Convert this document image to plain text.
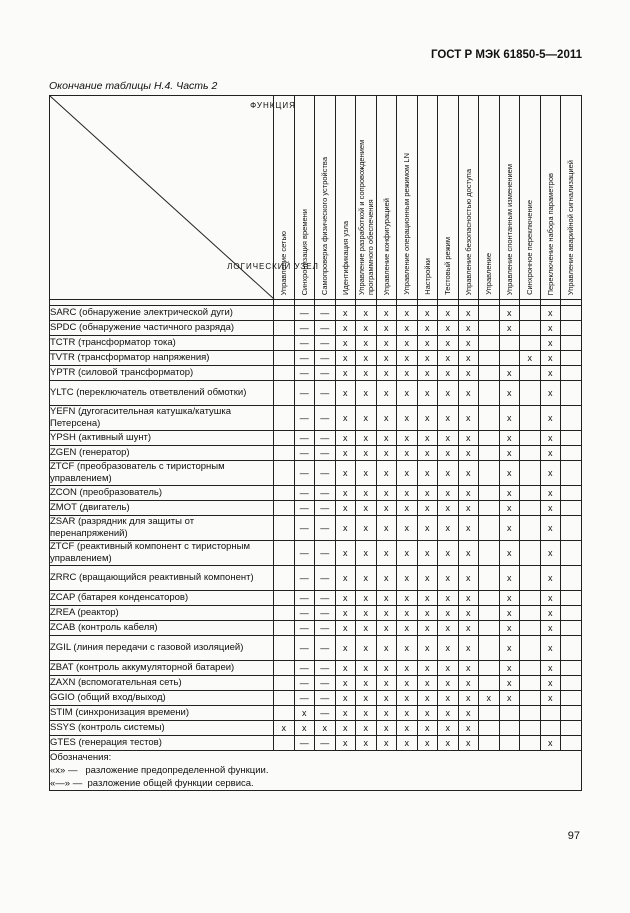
ГОСТ Р МЭК 61850-5—2011
Окончание таблицы Н.4. Часть 2
ФУНКЦИЯ
ЛОГИЧЕСКИЙ УЗЕЛ	Управление сетью	Синхронизация времени	Самопроверка физического устройства	Идентификация узла	Управление разработкой и сопровождением программного обеспечения	Управление конфигурацией	Управление операционным режимом LN	Настройки	Тестовый режим	Управление безопасностью доступа	Управление	Управление спонтанным изменением	Синхронное переключение	Переключение набора параметров	Управление аварийной сигнализацией

SARC (обнаружение электрической дуги)		—	—	x	x	x	x	x	x	x		x		x	
SPDC (обнаружение частичного разряда)		—	—	x	x	x	x	x	x	x		x		x	
TCTR (трансформатор тока)		—	—	x	x	x	x	x	x	x				x	
TVTR (трансформатор напряжения)		—	—	x	x	x	x	x	x	x			x	x	
YPTR (силовой трансформатор)		—	—	x	x	x	x	x	x	x		x		x	
YLTC (переключатель ответвлений обмотки)		—	—	x	x	x	x	x	x	x		x		x	
YEFN (дугогасительная катушка/катушка Петерсена)		—	—	x	x	x	x	x	x	x		x		x	
YPSH (активный шунт)		—	—	x	x	x	x	x	x	x		x		x	
ZGEN (генератор)		—	—	x	x	x	x	x	x	x		x		x	
ZTCF (преобразователь с тиристорным управлением)		—	—	x	x	x	x	x	x	x		x		x	
ZCON (преобразователь)		—	—	x	x	x	x	x	x	x		x		x	
ZMOT (двигатель)		—	—	x	x	x	x	x	x	x		x		x	
ZSAR (разрядник для защиты от перенапряжений)		—	—	x	x	x	x	x	x	x		x		x	
ZTCF (реактивный компонент с тиристорным управлением)		—	—	x	x	x	x	x	x	x		x		x	
ZRRC (вращающийся реактивный компонент)		—	—	x	x	x	x	x	x	x		x		x	
ZCAP (батарея конденсаторов)		—	—	x	x	x	x	x	x	x		x		x	
ZREA (реактор)		—	—	x	x	x	x	x	x	x		x		x	
ZCAB (контроль кабеля)		—	—	x	x	x	x	x	x	x		x		x	
ZGIL (линия передачи с газовой изоляцией)		—	—	x	x	x	x	x	x	x		x		x	
ZBAT (контроль аккумуляторной батареи)		—	—	x	x	x	x	x	x	x		x		x	
ZAXN (вспомогательная сеть)		—	—	x	x	x	x	x	x	x		x		x	
GGIO (общий вход/выход)		—	—	x	x	x	x	x	x	x	x	x		x	
STIM (синхронизация времени)		x	—	x	x	x	x	x	x	x					
SSYS (контроль системы)	x	x	x	x	x	x	x	x	x	x					
GTES (генерация тестов)		—	—	x	x	x	x	x	x	x				x	

Обозначения:
«х» —   разложение предопределенной функции.
«—» —  разложение общей функции сервиса.															
97
